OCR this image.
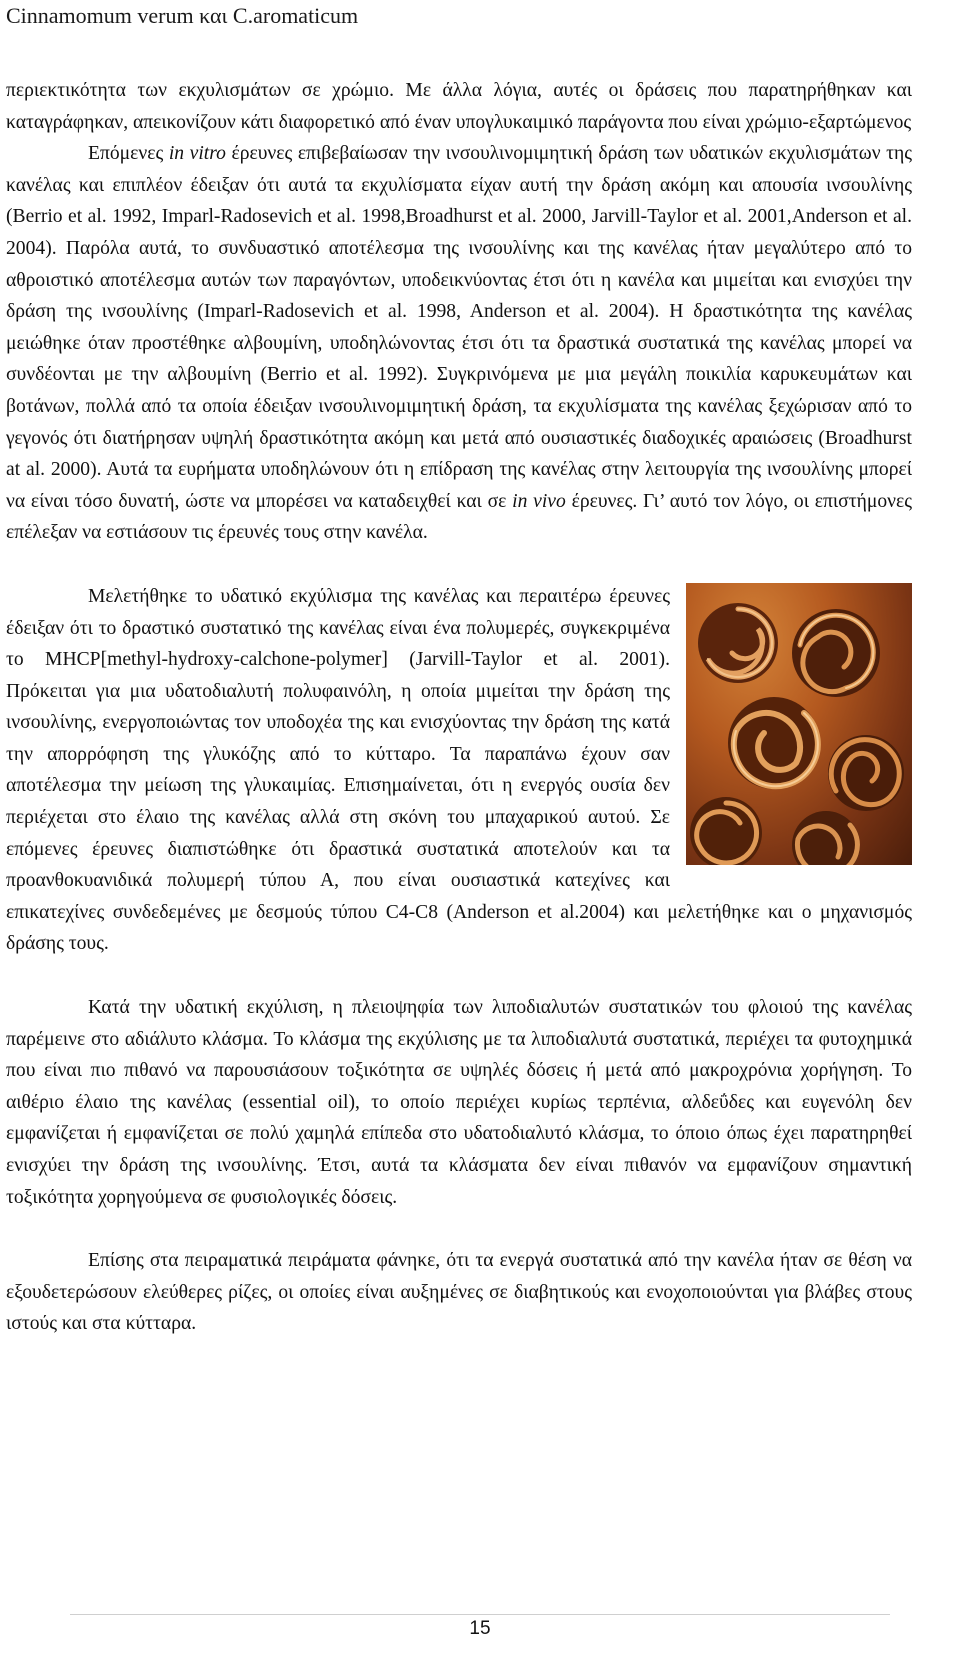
Cinnamomum verum και C.aromaticum

περιεκτικότητα των εκχυλισμάτων σε χρώμιο. Με άλλα λόγια, αυτές οι δράσεις που παρατηρήθηκαν και καταγράφηκαν, απεικονίζουν κάτι διαφορετικό από έναν υπογλυκαιμικό παράγοντα που είναι χρώμιο-εξαρτώμενος

Επόμενες in vitro έρευνες επιβεβαίωσαν την ινσουλινομιμητική δράση των υδατικών εκχυλισμάτων της κανέλας και επιπλέον έδειξαν ότι αυτά τα εκχυλίσματα είχαν αυτή την δράση ακόμη και απουσία ινσουλίνης (Berrio et al. 1992, Imparl-Radosevich et al. 1998,Broadhurst et al. 2000, Jarvill-Taylor et al. 2001,Anderson et al. 2004). Παρόλα αυτά, το συνδυαστικό αποτέλεσμα της ινσουλίνης και της κανέλας ήταν μεγαλύτερο από το αθροιστικό αποτέλεσμα αυτών των παραγόντων, υποδεικνύοντας έτσι ότι η κανέλα και μιμείται και ενισχύει την δράση της ινσουλίνης (Imparl-Radosevich et al. 1998, Anderson et al. 2004). Η δραστικότητα της κανέλας μειώθηκε όταν προστέθηκε αλβουμίνη, υποδηλώνοντας έτσι ότι τα δραστικά συστατικά της κανέλας μπορεί να συνδέονται με την αλβουμίνη (Berrio et al. 1992). Συγκρινόμενα με μια μεγάλη ποικιλία καρυκευμάτων και βοτάνων, πολλά από τα οποία έδειξαν ινσουλινομιμητική δράση, τα εκχυλίσματα της κανέλας ξεχώρισαν από το γεγονός ότι διατήρησαν υψηλή δραστικότητα ακόμη και μετά από ουσιαστικές διαδοχικές αραιώσεις (Broadhurst at al. 2000). Αυτά τα ευρήματα υποδηλώνουν ότι η επίδραση της κανέλας στην λειτουργία της ινσουλίνης μπορεί να είναι τόσο δυνατή, ώστε να μπορέσει να καταδειχθεί και σε in vivo έρευνες. Γι’ αυτό τον λόγο, οι επιστήμονες επέλεξαν να εστιάσουν τις έρευνές τους στην κανέλα.

Μελετήθηκε το υδατικό εκχύλισμα της κανέλας και περαιτέρω έρευνες έδειξαν ότι το δραστικό συστατικό της κανέλας είναι ένα πολυμερές, συγκεκριμένα το MHCP[methyl-hydroxy-calchone-polymer] (Jarvill-Taylor et al. 2001). Πρόκειται για μια υδατοδιαλυτή πολυφαινόλη, η οποία μιμείται την δράση της ινσουλίνης, ενεργοποιώντας τον υποδοχέα της και ενισχύοντας την δράση της κατά την απορρόφηση της γλυκόζης από το κύτταρο. Τα παραπάνω έχουν σαν αποτέλεσμα την μείωση της γλυκαιμίας. Επισημαίνεται, ότι η ενεργός ουσία δεν περιέχεται στο έλαιο της κανέλας αλλά στη σκόνη του μπαχαρικού αυτού. Σε επόμενες έρευνες διαπιστώθηκε ότι δραστικά συστατικά αποτελούν και τα προανθοκυανιδικά πολυμερή τύπου Α, που είναι ουσιαστικά κατεχίνες και επικατεχίνες συνδεδεμένες με δεσμούς τύπου C4-C8 (Anderson et al.2004) και μελετήθηκε και ο μηχανισμός δράσης τους.

Κατά την υδατική εκχύλιση, η πλειοψηφία των λιποδιαλυτών συστατικών του φλοιού της κανέλας παρέμεινε στο αδιάλυτο κλάσμα. Το κλάσμα της εκχύλισης με τα λιποδιαλυτά συστατικά, περιέχει τα φυτοχημικά που είναι πιο πιθανό να παρουσιάσουν τοξικότητα σε υψηλές δόσεις ή μετά από μακροχρόνια χορήγηση. Το αιθέριο έλαιο της κανέλας (essential oil), το οποίο περιέχει κυρίως τερπένια, αλδεΰδες και ευγενόλη δεν εμφανίζεται ή εμφανίζεται σε πολύ χαμηλά επίπεδα στο υδατοδιαλυτό κλάσμα, το όποιο όπως έχει παρατηρηθεί ενισχύει την δράση της ινσουλίνης. Έτσι, αυτά τα κλάσματα δεν είναι πιθανόν να εμφανίζουν σημαντική τοξικότητα χορηγούμενα σε φυσιολογικές δόσεις.

Επίσης στα πειραματικά πειράματα φάνηκε, ότι τα ενεργά συστατικά από την κανέλα ήταν σε θέση να εξουδετερώσουν ελεύθερες ρίζες, οι οποίες είναι αυξημένες σε διαβητικούς και ενοχοποιούνται για βλάβες στους ιστούς και στα κύτταρα.

15
